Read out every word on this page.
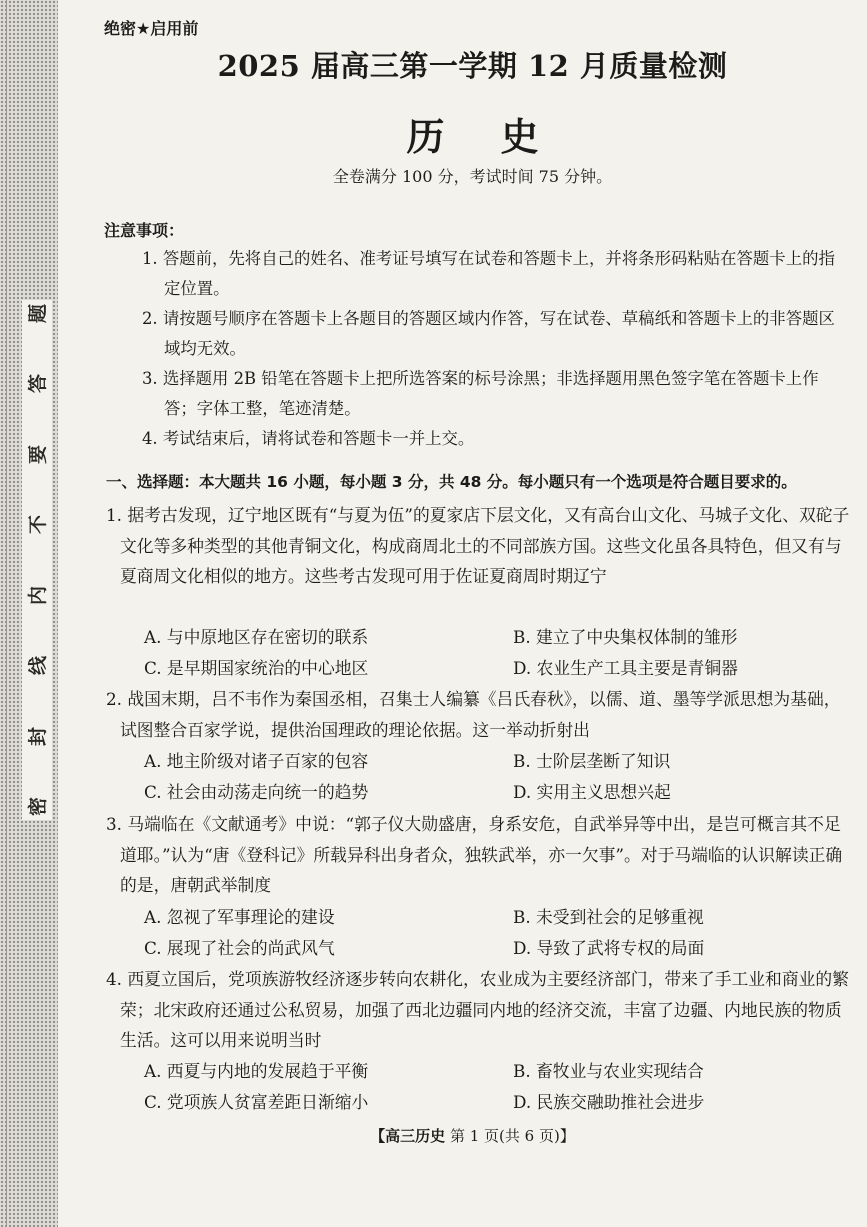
题
答
要
不
内
线
封
密
绝密★启用前
2025 届高三第一学期 12 月质量检测
历史
全卷满分 100 分，考试时间 75 分钟。
注意事项：

1. 答题前，先将自己的姓名、准考证号填写在试卷和答题卡上，并将条形码粘贴在答题卡上的指定位置。

2. 请按题号顺序在答题卡上各题目的答题区域内作答，写在试卷、草稿纸和答题卡上的非答题区域均无效。

3. 选择题用 2B 铅笔在答题卡上把所选答案的标号涂黑；非选择题用黑色签字笔在答题卡上作答；字体工整，笔迹清楚。

4. 考试结束后，请将试卷和答题卡一并上交。

一、选择题：本大题共 16 小题，每小题 3 分，共 48 分。每小题只有一个选项是符合题目要求的。
1. 据考古发现，辽宁地区既有“与夏为伍”的夏家店下层文化，又有高台山文化、马城子文化、双砣子文化等多种类型的其他青铜文化，构成商周北土的不同部族方国。这些文化虽各具特色，但又有与夏商周文化相似的地方。这些考古发现可用于佐证夏商周时期辽宁
A. 与中原地区存在密切的联系	B. 建立了中央集权体制的雏形
C. 是早期国家统治的中心地区	D. 农业生产工具主要是青铜器
2. 战国末期，吕不韦作为秦国丞相，召集士人编纂《吕氏春秋》，以儒、道、墨等学派思想为基础，试图整合百家学说，提供治国理政的理论依据。这一举动折射出
A. 地主阶级对诸子百家的包容	B. 士阶层垄断了知识
C. 社会由动荡走向统一的趋势	D. 实用主义思想兴起
3. 马端临在《文献通考》中说：“郭子仪大勋盛唐，身系安危，自武举异等中出，是岂可概言其不足道耶。”认为“唐《登科记》所载异科出身者众，独轶武举，亦一欠事”。对于马端临的认识解读正确的是，唐朝武举制度
A. 忽视了军事理论的建设	B. 未受到社会的足够重视
C. 展现了社会的尚武风气	D. 导致了武将专权的局面
4. 西夏立国后，党项族游牧经济逐步转向农耕化，农业成为主要经济部门，带来了手工业和商业的繁荣；北宋政府还通过公私贸易，加强了西北边疆同内地的经济交流，丰富了边疆、内地民族的物质生活。这可以用来说明当时
A. 西夏与内地的发展趋于平衡	B. 畜牧业与农业实现结合
C. 党项族人贫富差距日渐缩小	D. 民族交融助推社会进步
【高三历史 第 1 页(共 6 页)】
